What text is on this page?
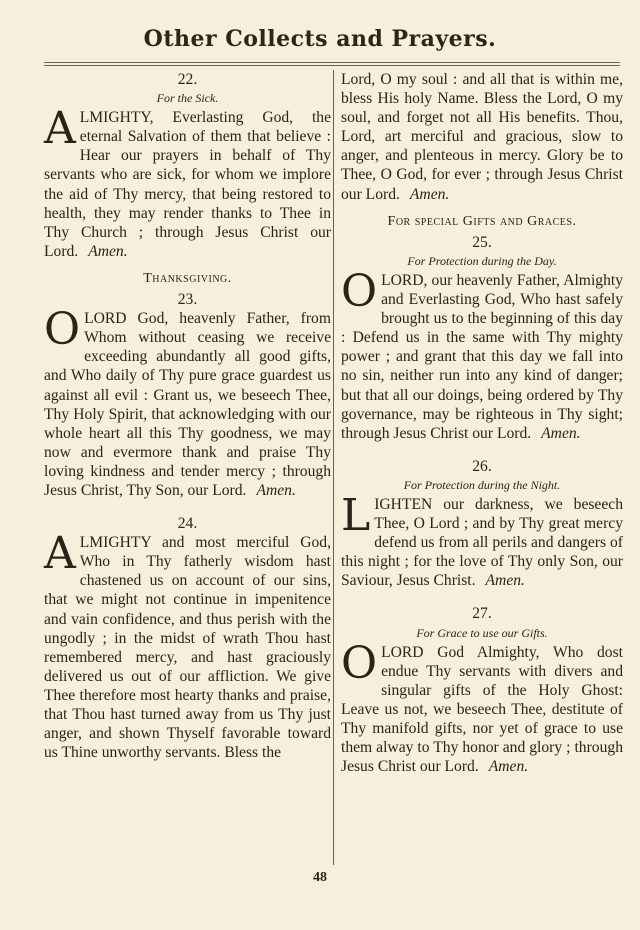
Other Collects and Prayers.

22.

For the Sick.

ALMIGHTY, Everlasting God, the eternal Salvation of them that believe : Hear our prayers in behalf of Thy servants who are sick, for whom we implore the aid of Thy mercy, that being restored to health, they may render thanks to Thee in Thy Church ; through Jesus Christ our Lord. Amen.

Thanksgiving.

23.

OLORD God, heavenly Father, from Whom without ceasing we receive exceeding abundantly all good gifts, and Who daily of Thy pure grace guardest us against all evil : Grant us, we beseech Thee, Thy Holy Spirit, that acknowledging with our whole heart all this Thy goodness, we may now and evermore thank and praise Thy loving kindness and tender mercy ; through Jesus Christ, Thy Son, our Lord. Amen.

24.

ALMIGHTY and most merciful God, Who in Thy fatherly wisdom hast chastened us on account of our sins, that we might not continue in impenitence and vain confidence, and thus perish with the ungodly ; in the midst of wrath Thou hast remembered mercy, and hast graciously delivered us out of our affliction. We give Thee therefore most hearty thanks and praise, that Thou hast turned away from us Thy just anger, and shown Thyself favorable toward us Thine unworthy servants. Bless the

Lord, O my soul : and all that is within me, bless His holy Name. Bless the Lord, O my soul, and forget not all His benefits. Thou, Lord, art merciful and gracious, slow to anger, and plenteous in mercy. Glory be to Thee, O God, for ever ; through Jesus Christ our Lord. Amen.

For special Gifts and Graces.

25.

For Protection during the Day.

OLORD, our heavenly Father, Almighty and Everlasting God, Who hast safely brought us to the beginning of this day : Defend us in the same with Thy mighty power ; and grant that this day we fall into no sin, neither run into any kind of danger; but that all our doings, being ordered by Thy governance, may be righteous in Thy sight; through Jesus Christ our Lord. Amen.

26.

For Protection during the Night.

LIGHTEN our darkness, we beseech Thee, O Lord ; and by Thy great mercy defend us from all perils and dangers of this night ; for the love of Thy only Son, our Saviour, Jesus Christ. Amen.

27.

For Grace to use our Gifts.

OLORD God Almighty, Who dost endue Thy servants with divers and singular gifts of the Holy Ghost: Leave us not, we beseech Thee, destitute of Thy manifold gifts, nor yet of grace to use them alway to Thy honor and glory ; through Jesus Christ our Lord. Amen.

48
